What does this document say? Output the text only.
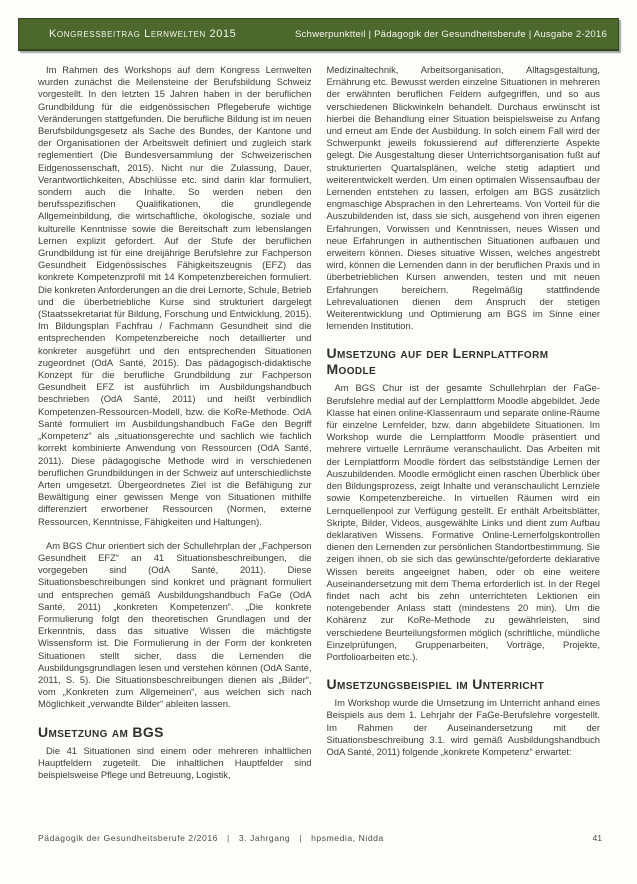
Kongressbeitrag Lernwelten 2015	Schwerpunktteil | Pädagogik der Gesundheitsberufe | Ausgabe 2-2016

Im Rahmen des Workshops auf dem Kongress Lernwelten wurden zunächst die Meilensteine der Berufsbildung Schweiz vorgestellt. In den letzten 15 Jahren haben in der beruflichen Grundbildung für die eidgenössischen Pflegeberufe wichtige Veränderungen stattgefunden. Die berufliche Bildung ist im neuen Berufsbildungsgesetz als Sache des Bundes, der Kantone und der Organisationen der Arbeitswelt definiert und zugleich stark reglementiert (Die Bundesversammlung der Schweizerischen Eidgenossenschaft, 2015). Nicht nur die Zulassung, Dauer, Verantwortlichkeiten, Abschlüsse etc. sind darin klar formuliert, sondern auch die Inhalte. So werden neben den berufsspezifischen Qualifikationen, die grundlegende Allgemeinbildung, die wirtschaftliche, ökologische, soziale und kulturelle Kenntnisse sowie die Bereitschaft zum lebenslangen Lernen explizit gefordert. Auf der Stufe der beruflichen Grundbildung ist für eine dreijährige Berufslehre zur Fachperson Gesundheit Eidgenössisches Fähigkeitszeugnis (EFZ) das konkrete Kompetenzprofil mit 14 Kompetenzbereichen formuliert. Die konkreten Anforderungen an die drei Lernorte, Schule, Betrieb und die überbetriebliche Kurse sind strukturiert dargelegt (Staatssekretariat für Bildung, Forschung und Entwicklung, 2015). Im Bildungsplan Fachfrau / Fachmann Gesundheit sind die entsprechenden Kompetenzbereiche noch detaillierter und konkreter ausgeführt und den entsprechenden Situationen zugeordnet (OdA Santé, 2015). Das pädagogisch-didaktische Konzept für die berufliche Grundbildung zur Fachperson Gesundheit EFZ ist ausführlich im Ausbildungshandbuch beschrieben (OdA Santé, 2011) und heißt verbindlich Kompetenzen-Ressourcen-Modell, bzw. die KoRe-Methode. OdA Santé formuliert im Ausbildungshandbuch FaGe den Begriff „Kompetenz“ als „situationsgerechte und sachlich wie fachlich korrekt kombinierte Anwendung von Ressourcen (OdA Santé, 2011). Diese pädagogische Methode wird in verschiedenen beruflichen Grundbildungen in der Schweiz auf unterschiedlichste Arten umgesetzt. Übergeordnetes Ziel ist die Befähigung zur Bewältigung einer gewissen Menge von Situationen mithilfe differenziert erworbener Ressourcen (Normen, externe Ressourcen, Kenntnisse, Fähigkeiten und Haltungen).

Am BGS Chur orientiert sich der Schullehrplan der „Fachperson Gesundheit EFZ“ an 41 Situationsbeschreibungen, die vorgegeben sind (OdA Santé, 2011). Diese Situationsbeschreibungen sind konkret und prägnant formuliert und entsprechen gemäß Ausbildungshandbuch FaGe (OdA Santé, 2011) „konkreten Kompetenzen“. „Die konkrete Formulierung folgt den theoretischen Grundlagen und der Erkenntnis, dass das situative Wissen die mächtigste Wissensform ist. Die Formulierung in der Form der konkreten Situationen stellt sicher, dass die Lernenden die Ausbildungsgrundlagen lesen und verstehen können (OdA Santé, 2011, S. 5). Die Situationsbeschreibungen dienen als „Bilder“, vom „Konkreten zum Allgemeinen“, aus welchen sich nach Möglichkeit „verwandte Bilder“ ableiten lassen.

Umsetzung am BGS

Die 41 Situationen sind einem oder mehreren inhaltlichen Hauptfeldern zugeteilt. Die inhaltlichen Hauptfelder sind beispielsweise Pflege und Betreuung, Logistik,

Medizinaltechnik, Arbeitsorganisation, Alltagsgestaltung, Ernährung etc. Bewusst werden einzelne Situationen in mehreren der erwähnten beruflichen Feldern aufgegriffen, und so aus verschiedenen Blickwinkeln behandelt. Durchaus erwünscht ist hierbei die Behandlung einer Situation beispielsweise zu Anfang und erneut am Ende der Ausbildung. In solch einem Fall wird der Schwerpunkt jeweils fokussierend auf differenzierte Aspekte gelegt. Die Ausgestaltung dieser Unterrichtsorganisation fußt auf strukturierten Quartalsplänen, welche stetig adaptiert und weiterentwickelt werden. Um einen optimalen Wissensaufbau der Lernenden entstehen zu lassen, erfolgen am BGS zusätzlich engmaschige Absprachen in den Lehrerteams. Von Vorteil für die Auszubildenden ist, dass sie sich, ausgehend von ihren eigenen Erfahrungen, Vorwissen und Kenntnissen, neues Wissen und neue Erfahrungen in authentischen Situationen aufbauen und erweitern können. Dieses situative Wissen, welches angestrebt wird, können die Lernenden dann in der beruflichen Praxis und in überbetrieblichen Kursen anwenden, testen und mit neuen Erfahrungen bereichern. Regelmäßig stattfindende Lehrevaluationen dienen dem Anspruch der stetigen Weiterentwicklung und Optimierung am BGS im Sinne einer lernenden Institution.

Umsetzung auf der Lernplattform Moodle

Am BGS Chur ist der gesamte Schullehrplan der FaGe-Berufslehre medial auf der Lernplattform Moodle abgebildet. Jede Klasse hat einen online-Klassenraum und separate online-Räume für einzelne Lernfelder, bzw. dann abgebildete Situationen. Im Workshop wurde die Lernplattform Moodle präsentiert und mehrere virtuelle Lernräume veranschaulicht. Das Arbeiten mit der Lernplattform Moodle fördert das selbstständige Lernen der Auszubildenden. Moodle ermöglicht einen raschen Überblick über den Bildungsprozess, zeigt Inhalte und veranschaulicht Lernziele sowie Kompetenzbereiche. In virtuellen Räumen wird ein Lernquellenpool zur Verfügung gestellt. Er enthält Arbeitsblätter, Skripte, Bilder, Videos, ausgewählte Links und dient zum Aufbau deklarativen Wissens. Formative Online-Lernerfolgskontrollen dienen den Lernenden zur persönlichen Standortbestimmung. Sie zeigen ihnen, ob sie sich das gewünschte/geforderte deklarative Wissen bereits angeeignet haben, oder ob eine weitere Auseinandersetzung mit dem Thema erforderlich ist. In der Regel findet nach acht bis zehn unterrichteten Lektionen ein notengebender Anlass statt (mindestens 20 min). Um die Kohärenz zur KoRe-Methode zu gewährleisten, sind verschiedene Beurteilungsformen möglich (schriftliche, mündliche Einzelprüfungen, Gruppenarbeiten, Vorträge, Projekte, Portfolioarbeiten etc.).

Umsetzungsbeispiel im Unterricht

Im Workshop wurde die Umsetzung im Unterricht anhand eines Beispiels aus dem 1. Lehrjahr der FaGe-Berufslehre vorgestellt. Im Rahmen der Auseinandersetzung mit der Situationsbeschreibung 3.1. wird gemäß Ausbildungshandbuch OdA Santé, 2011) folgende „konkrete Kompetenz“ erwartet:

Pädagogik der Gesundheitsberufe 2/2016 | 3. Jahrgang | hpsmedia, Nidda	41
